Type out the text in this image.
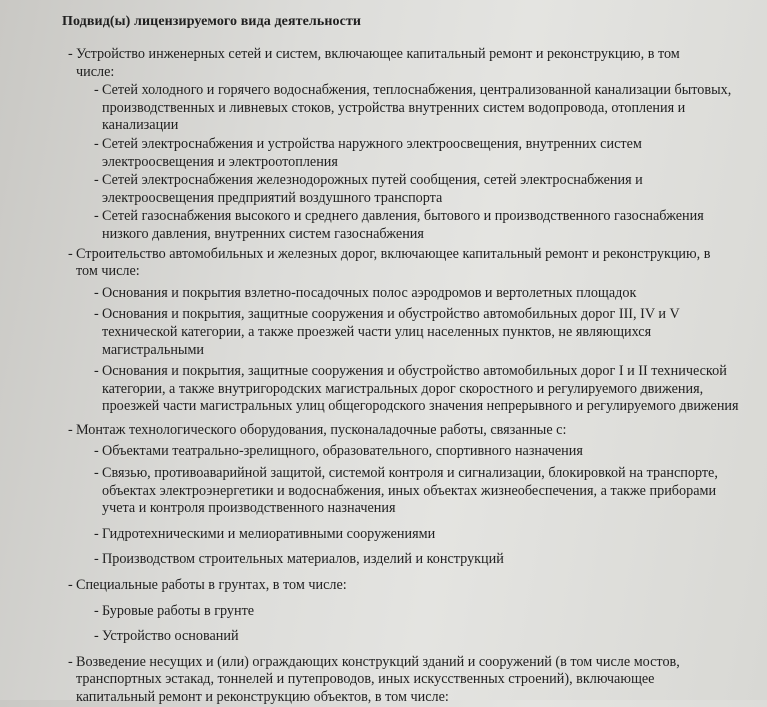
Подвид(ы) лицензируемого вида деятельности
- Устройство инженерных сетей и систем, включающее капитальный ремонт и реконструкцию, в том числе:
- Сетей холодного и горячего водоснабжения, теплоснабжения, централизованной канализации бытовых, производственных и ливневых стоков, устройства внутренних систем водопровода, отопления и канализации
- Сетей электроснабжения и устройства наружного электроосвещения, внутренних систем электроосвещения и электроотопления
- Сетей электроснабжения железнодорожных путей сообщения, сетей электроснабжения и электроосвещения предприятий воздушного транспорта
- Сетей газоснабжения высокого и среднего давления, бытового и производственного газоснабжения низкого давления, внутренних систем газоснабжения
- Строительство автомобильных и железных дорог, включающее капитальный ремонт и реконструкцию, в том числе:
- Основания и покрытия взлетно-посадочных полос аэродромов и вертолетных площадок
- Основания и покрытия, защитные сооружения и обустройство автомобильных дорог III, IV и V технической категории, а также проезжей части улиц населенных пунктов, не являющихся магистральными
- Основания и покрытия, защитные сооружения и обустройство автомобильных дорог I и II технической категории, а также внутригородских магистральных дорог скоростного и регулируемого движения, проезжей части магистральных улиц общегородского значения непрерывного и регулируемого движения
- Монтаж технологического оборудования, пусконаладочные работы, связанные с:
- Объектами театрально-зрелищного, образовательного, спортивного назначения
- Связью, противоаварийной защитой, системой контроля и сигнализации, блокировкой на транспорте, объектах электроэнергетики и водоснабжения, иных объектах жизнеобеспечения, а также приборами учета и контроля производственного назначения
- Гидротехническими и мелиоративными сооружениями
- Производством строительных материалов, изделий и конструкций
- Специальные работы в грунтах, в том числе:
- Буровые работы в грунте
- Устройство оснований
- Возведение несущих и (или) ограждающих конструкций зданий и сооружений (в том числе мостов, транспортных эстакад, тоннелей и путепроводов, иных искусственных строений), включающее капитальный ремонт и реконструкцию объектов, в том числе:
